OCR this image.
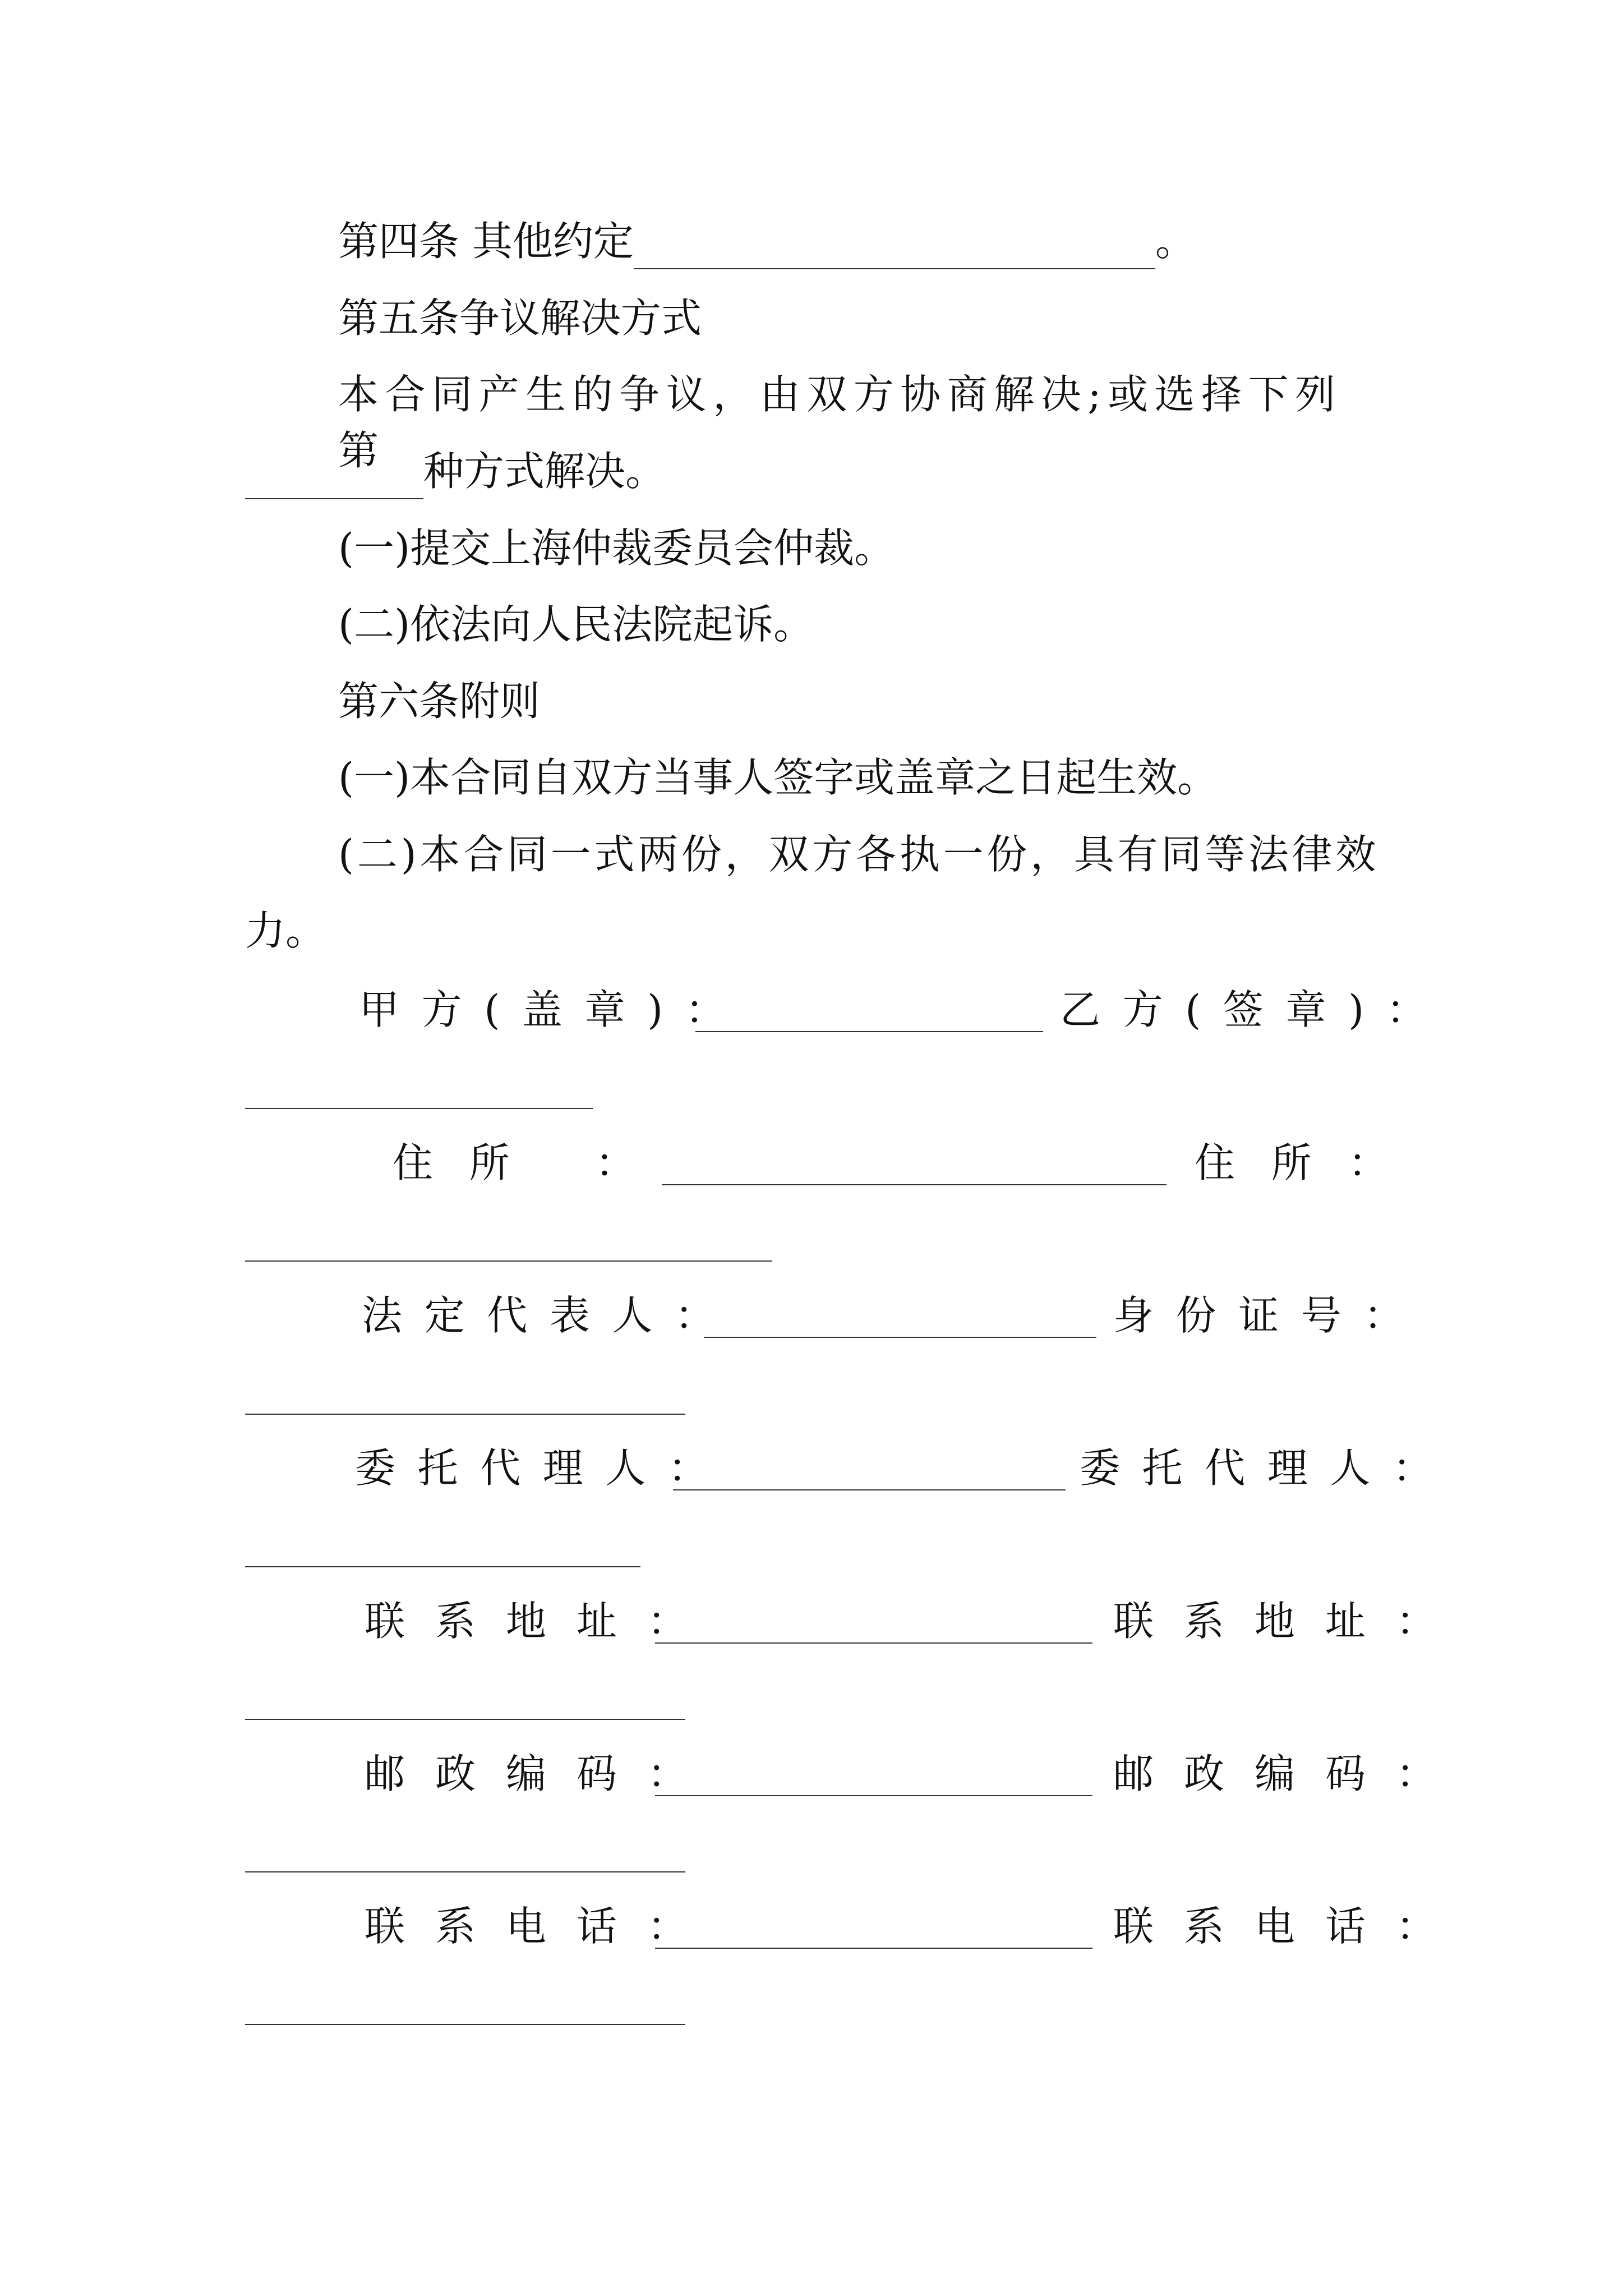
第四条 其他约定	。
第五条争议解决方式
本合同产生的争议，由双方协商解决;或选择下列第 种方式解决。
(一)提交上海仲裁委员会仲裁。
(二)依法向人民法院起诉。
第六条附则
(一)本合同自双方当事人签字或盖章之日起生效。
(二)本合同一式两份，双方各执一份，具有同等法律效
力。
甲方(盖章)：	乙方(签章)：
住所 ：	住所：
法定代表人：	身份证号：
委托代理人：	委托代理人：
联系地址：	联系地址：
邮政编码：	邮政编码：
联系电话：	联系电话：
